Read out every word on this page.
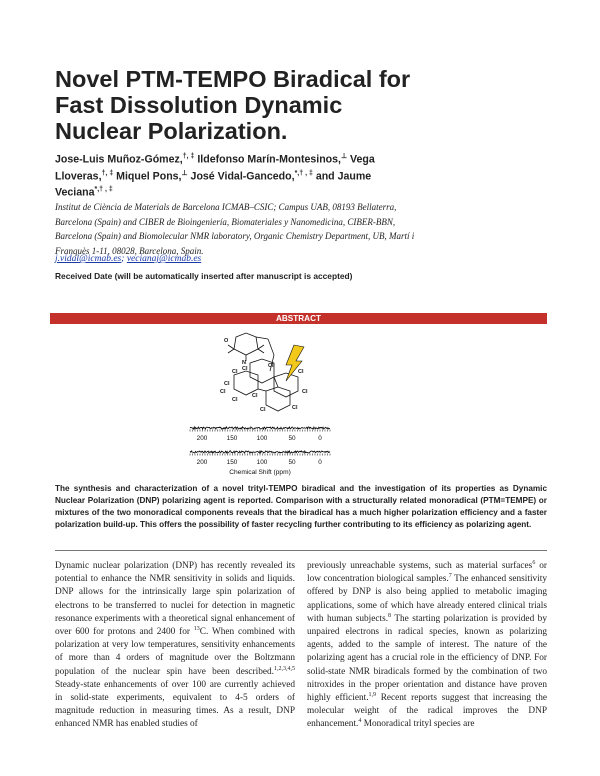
Novel PTM-TEMPO Biradical for Fast Dissolution Dynamic Nuclear Polarization.
Jose-Luis Muñoz-Gómez,†, ‡ Ildefonso Marín-Montesinos,⊥ Vega Lloveras,†, ‡ Miquel Pons,⊥ José Vidal-Gancedo,*,† , ‡ and Jaume Veciana*,† , ‡
Institut de Ciència de Materials de Barcelona ICMAB–CSIC; Campus UAB, 08193 Bellaterra, Barcelona (Spain) and CIBER de Bioingeniería, Biomateriales y Nanomedicina, CIBER-BBN, Barcelona (Spain) and Biomolecular NMR laboratory, Organic Chemistry Department, UB, Martí i Franquès 1-11, 08028, Barcelona, Spain.
j.vidal@icmab.es; vecianaj@icmab.es
Received Date (will be automatically inserted after manuscript is accepted)
ABSTRACT
O
N
Cl	Cl
Cl
Cl
Cl
Cl
Cl
Cl
Cl
Cl	Cl
200	150	100	50	0
200	150	100	50	0
Chemical Shift (ppm)
The synthesis and characterization of a novel trityl-TEMPO biradical and the investigation of its properties as Dynamic Nuclear Polarization (DNP) polarizing agent is reported. Comparison with a structurally related monoradical (PTM=TEMPE) or mixtures of the two monoradical components reveals that the biradical has a much higher polarization efficiency and a faster polarization build-up. This offers the possibility of faster recycling further contributing to its efficiency as polarizing agent.

Dynamic nuclear polarization (DNP) has recently revealed its potential to enhance the NMR sensitivity in solids and liquids. DNP allows for the intrinsically large spin polarization of electrons to be transferred to nuclei for detection in magnetic resonance experiments with a theoretical signal enhancement of over 600 for protons and 2400 for $^{13}$C. When combined with polarization at very low temperatures, sensitivity enhancements of more than 4 orders of magnitude over the Boltzmann population of the nuclear spin have been described.$^{1,2,3,4,5}$ Steady-state enhancements of over 100 are currently achieved in solid-state experiments, equivalent to 4-5 orders of magnitude reduction in measuring times. As a result, DNP enhanced NMR has enabled studies of

previously unreachable systems, such as material surfaces$^6$ or low concentration biological samples.$^7$ The enhanced sensitivity offered by DNP is also being applied to metabolic imaging applications, some of which have already entered clinical trials with human subjects.$^8$ The starting polarization is provided by unpaired electrons in radical species, known as polarizing agents, added to the sample of interest. The nature of the polarizing agent has a crucial role in the efficiency of DNP. For solid-state NMR biradicals formed by the combination of two nitroxides in the proper orientation and distance have proven highly efficient.$^{1,9}$ Recent reports suggest that increasing the molecular weight of the radical improves the DNP enhancement.$^4$ Monoradical trityl species are
